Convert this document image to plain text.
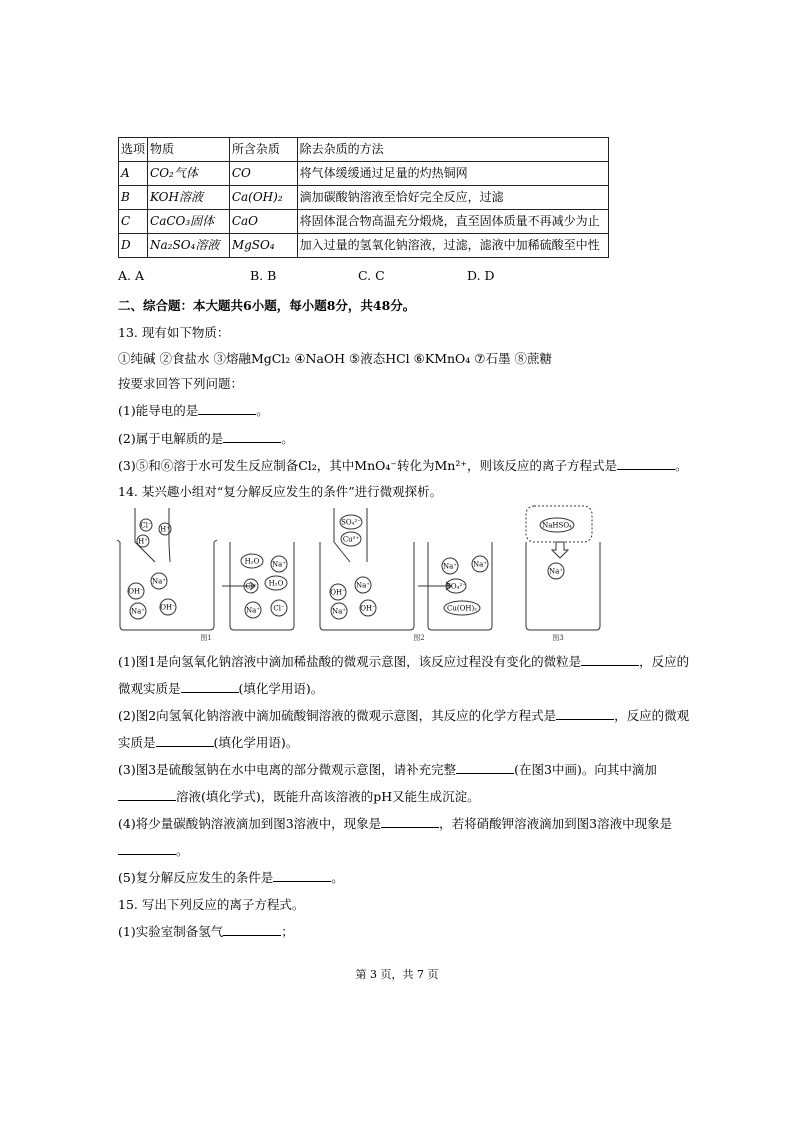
选项	物质	所含杂质	除去杂质的方法
A	CO₂气体	CO	将气体缓缓通过足量的灼热铜网
B	KOH溶液	Ca(OH)₂	滴加碳酸钠溶液至恰好完全反应，过滤
C	CaCO₃固体	CaO	将固体混合物高温充分煅烧，直至固体质量不再减少为止
D	Na₂SO₄溶液	MgSO₄	加入过量的氢氧化钠溶液，过滤，滤液中加稀硫酸至中性
A. A	B. B	C. C	D. D
二、综合题：本大题共6小题，每小题8分，共48分。
13. 现有如下物质：
①纯碱 ②食盐水 ③熔融MgCl₂ ④NaOH ⑤液态HCl ⑥KMnO₄ ⑦石墨 ⑧蔗糖
按要求回答下列问题：
(1)能导电的是	。
(2)属于电解质的是	。
(3)⑤和⑥溶于水可发生反应制备Cl₂，其中MnO₄⁻转化为Mn²⁺，则该反应的离子方程式是	。
14. 某兴趣小组对“复分解反应发生的条件”进行微观探析。
Cl⁻ H⁺
H⁺
Na⁺
OH⁻
Na⁺ OH⁻
H₂O Na⁺
Cl⁻ H₂O
Na⁺ Cl⁻
SO₄²⁻
Cu²⁺
Na⁺
OH⁻
Na⁺ OH⁻
Na⁺ Na⁺
SO₄²⁻
Cu(OH)₂
NaHSO₄
Na⁺
图1	图2	图3
(1)图1是向氢氧化钠溶液中滴加稀盐酸的微观示意图，该反应过程没有变化的微粒是	，反应的
微观实质是	(填化学用语)。
(2)图2向氢氧化钠溶液中滴加硫酸铜溶液的微观示意图，其反应的化学方程式是	，反应的微观
实质是	(填化学用语)。
(3)图3是硫酸氢钠在水中电离的部分微观示意图，请补充完整	(在图3中画)。向其中滴加
溶液(填化学式)，既能升高该溶液的pH又能生成沉淀。
(4)将少量碳酸钠溶液滴加到图3溶液中，现象是	，若将硝酸钾溶液滴加到图3溶液中现象是
。
(5)复分解反应发生的条件是	。
15. 写出下列反应的离子方程式。
(1)实验室制备氢气	；
第 3 页，共 7 页
